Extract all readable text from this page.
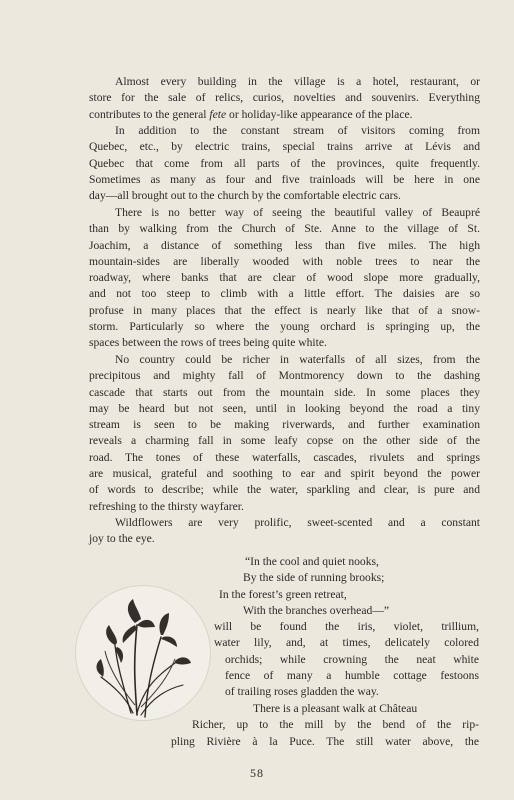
Almost every building in the village is a hotel, restaurant, or
store for the sale of relics, curios, novelties and souvenirs. Everything
contributes to the general fete or holiday-like appearance of the place.

In addition to the constant stream of visitors coming from
Quebec, etc., by electric trains, special trains arrive at Lévis and
Quebec that come from all parts of the provinces, quite frequently.
Sometimes as many as four and five trainloads will be here in one
day—all brought out to the church by the comfortable electric cars.

There is no better way of seeing the beautiful valley of Beaupré
than by walking from the Church of Ste. Anne to the village of St.
Joachim, a distance of something less than five miles. The high
mountain-sides are liberally wooded with noble trees to near the
roadway, where banks that are clear of wood slope more gradually,
and not too steep to climb with a little effort. The daisies are so
profuse in many places that the effect is nearly like that of a snow-
storm. Particularly so where the young orchard is springing up, the
spaces between the rows of trees being quite white.

No country could be richer in waterfalls of all sizes, from the
precipitous and mighty fall of Montmorency down to the dashing
cascade that starts out from the mountain side. In some places they
may be heard but not seen, until in looking beyond the road a tiny
stream is seen to be making riverwards, and further examination
reveals a charming fall in some leafy copse on the other side of the
road. The tones of these waterfalls, cascades, rivulets and springs
are musical, grateful and soothing to ear and spirit beyond the power
of words to describe; while the water, sparkling and clear, is pure and
refreshing to the thirsty wayfarer.

Wildflowers are very prolific, sweet-scented and a constant
joy to the eye.

“In the cool and quiet nooks,
By the side of running brooks;
In the forest’s green retreat,
With the branches overhead—”
will be found the iris, violet, trillium,
water lily, and, at times, delicately colored
orchids; while crowning the neat white
fence of many a humble cottage festoons
of trailing roses gladden the way.
There is a pleasant walk at Château
Richer, up to the mill by the bend of the rip-
pling Rivière à la Puce. The still water above, the
58
